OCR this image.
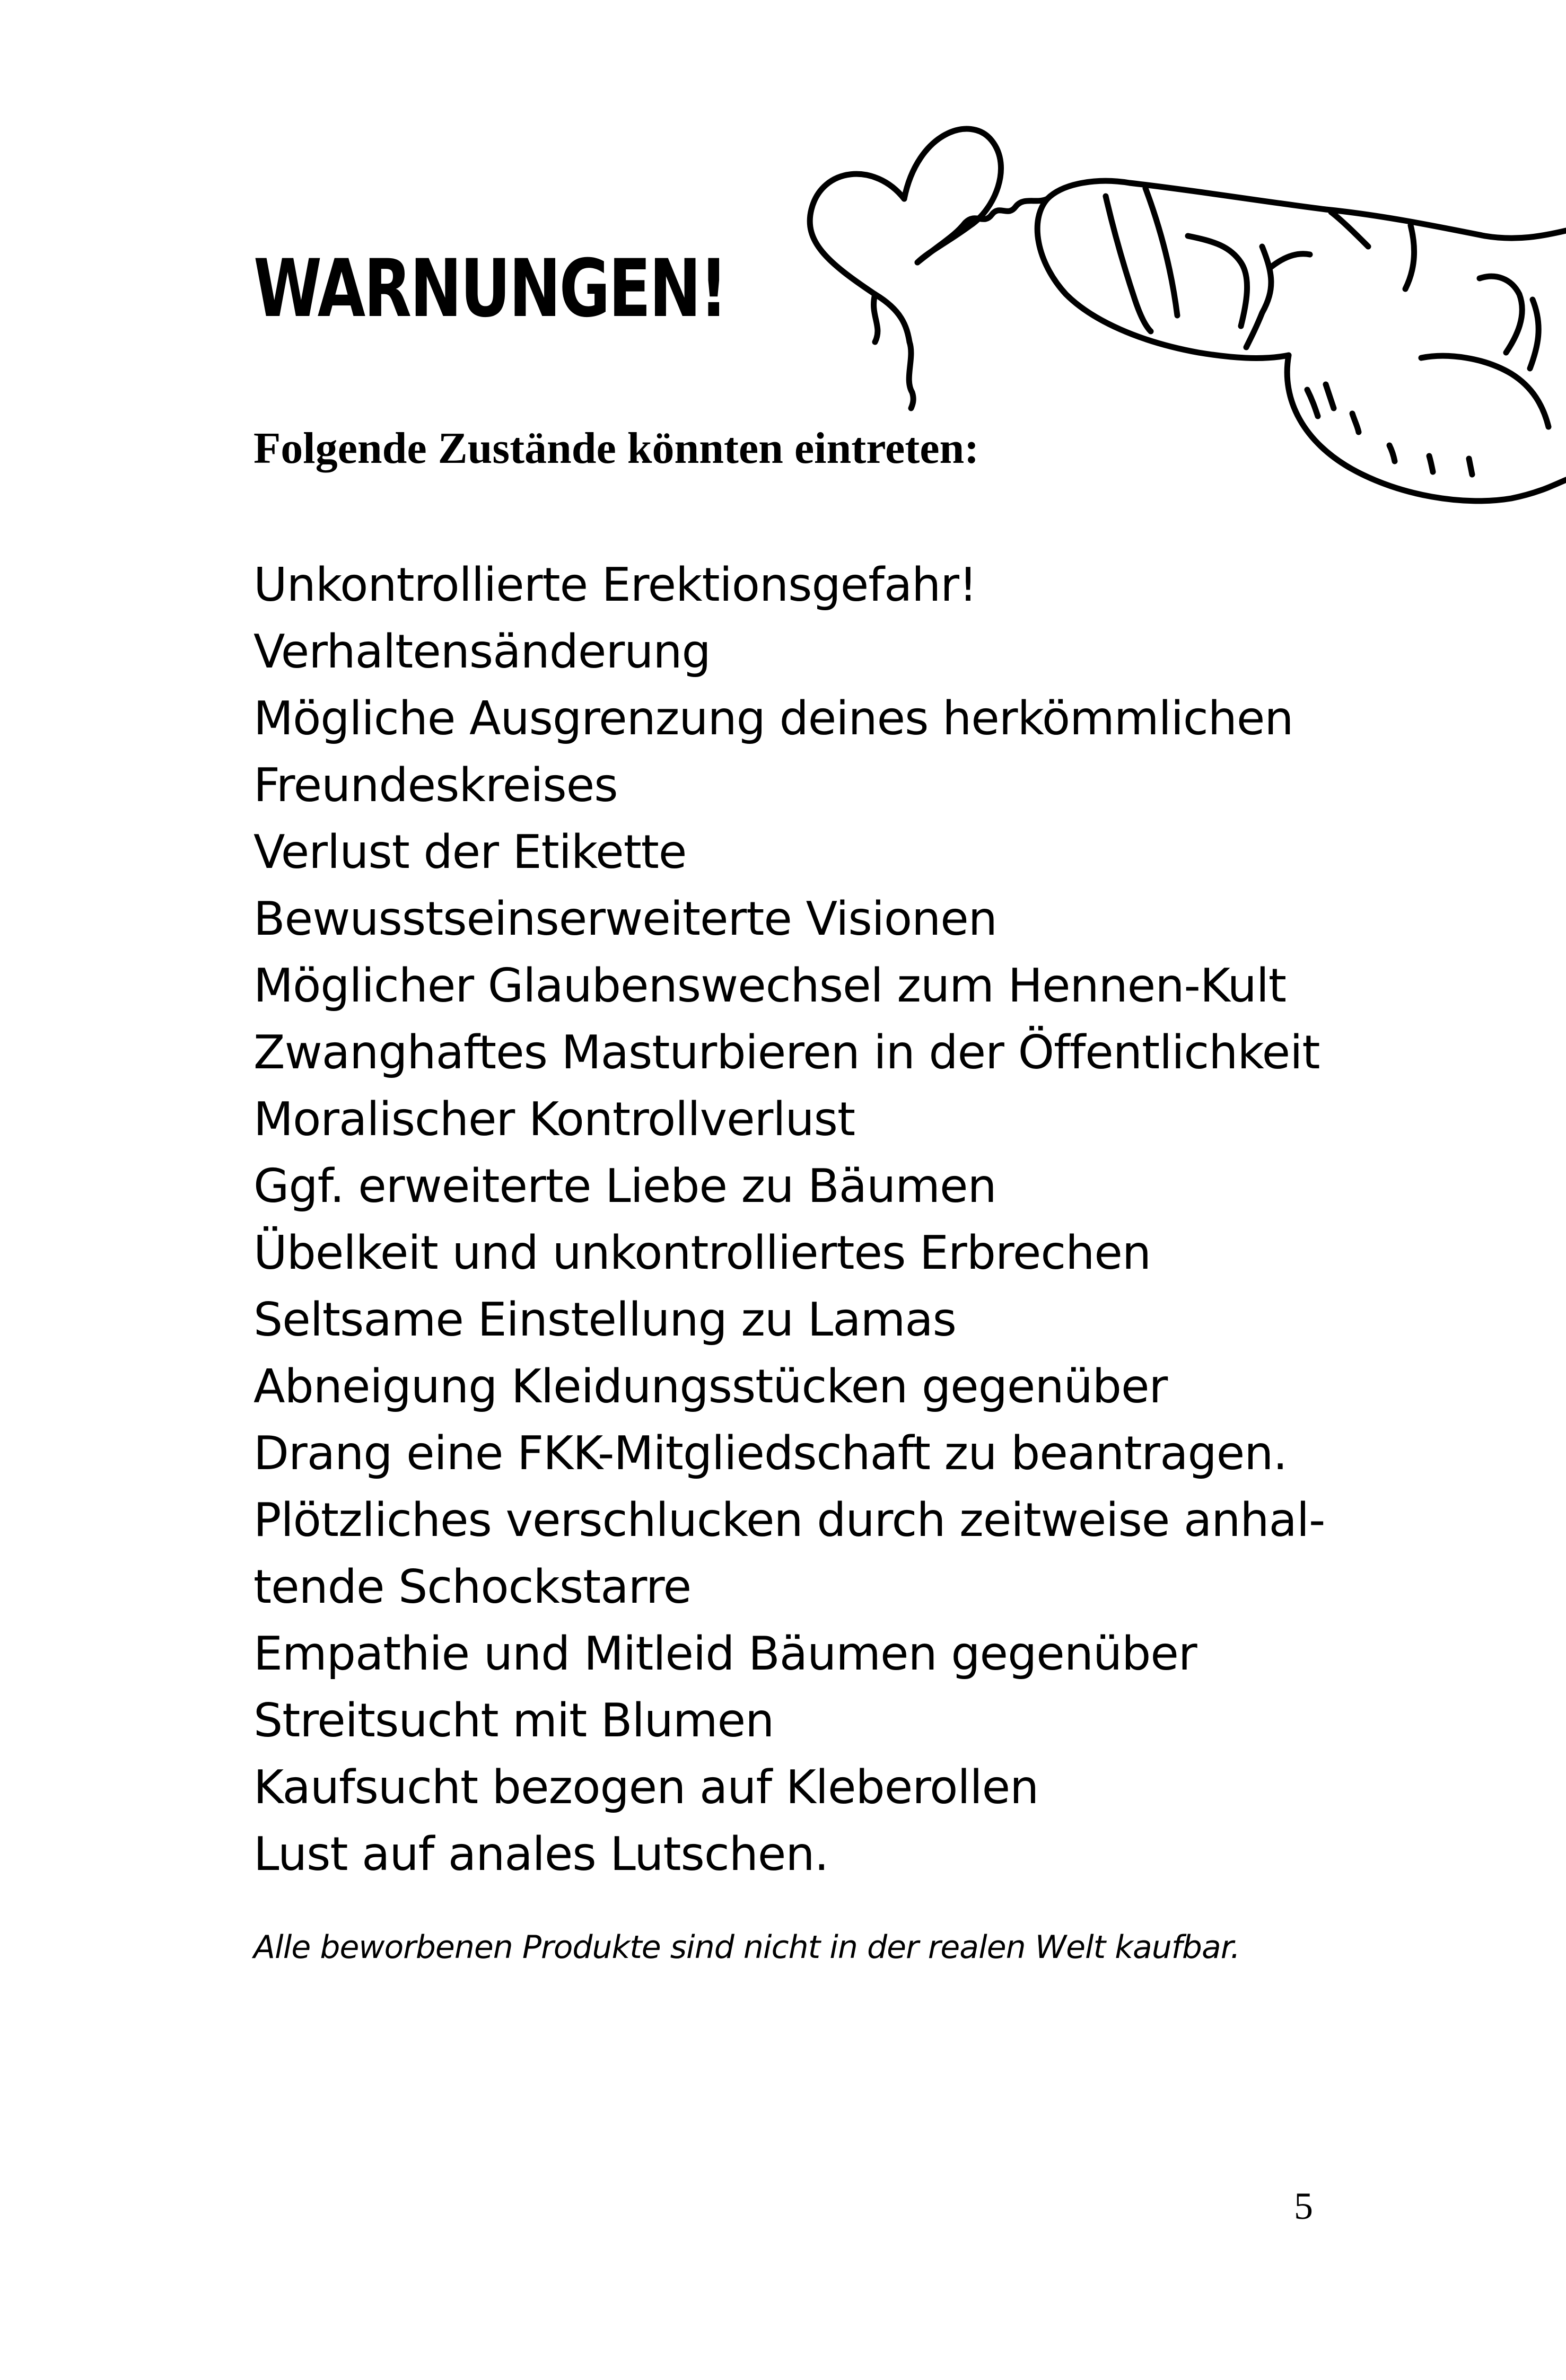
WARNUNGEN!

Folgende Zustände könnten eintreten:

Unkontrollierte Erektionsgefahr!
Verhaltensänderung
Mögliche Ausgrenzung deines herkömmlichen
Freundeskreises
Verlust der Etikette
Bewusstseinserweiterte Visionen
Möglicher Glaubenswechsel zum Hennen-Kult
Zwanghaftes Masturbieren in der Öffentlichkeit
Moralischer Kontrollverlust
Ggf. erweiterte Liebe zu Bäumen
Übelkeit und unkontrolliertes Erbrechen
Seltsame Einstellung zu Lamas
Abneigung Kleidungsstücken gegenüber
Drang eine FKK-Mitgliedschaft zu beantragen.
Plötzliches verschlucken durch zeitweise anhal-
tende Schockstarre
Empathie und Mitleid Bäumen gegenüber
Streitsucht mit Blumen
Kaufsucht bezogen auf Kleberollen
Lust auf anales Lutschen.

Alle beworbenen Produkte sind nicht in der realen Welt kaufbar.

5
